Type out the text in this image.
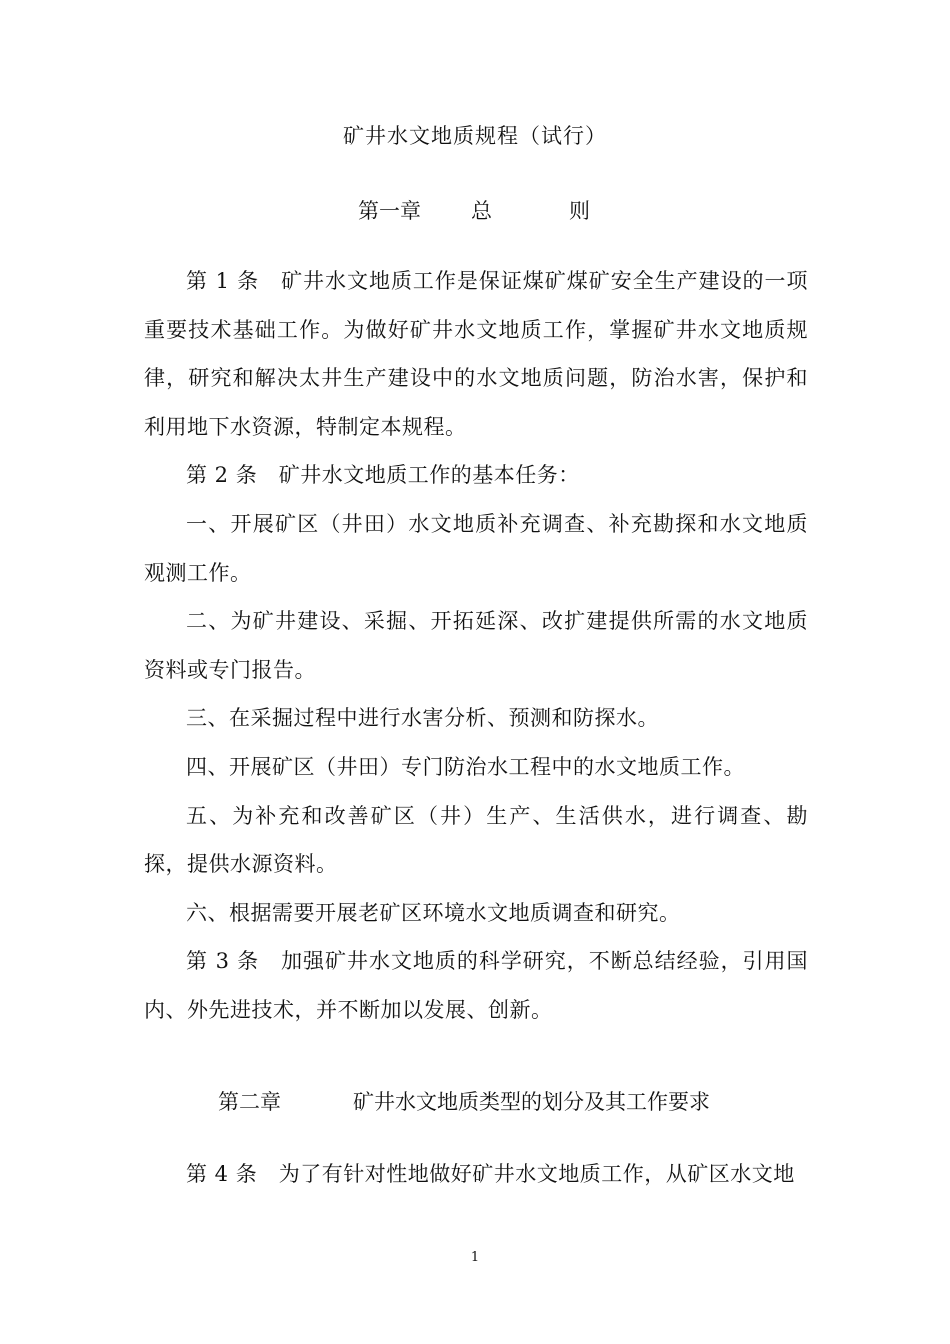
矿井水文地质规程（试行）
第一章 总	则

第 1 条　矿井水文地质工作是保证煤矿煤矿安全生产建设的一项重要技术基础工作。为做好矿井水文地质工作，掌握矿井水文地质规律，研究和解决太井生产建设中的水文地质问题，防治水害，保护和利用地下水资源，特制定本规程。

第 2 条　矿井水文地质工作的基本任务：

一、开展矿区（井田）水文地质补充调查、补充勘探和水文地质观测工作。

二、为矿井建设、采掘、开拓延深、改扩建提供所需的水文地质资料或专门报告。

三、在采掘过程中进行水害分析、预测和防探水。

四、开展矿区（井田）专门防治水工程中的水文地质工作。

五、为补充和改善矿区（井）生产、生活供水，进行调查、勘探，提供水源资料。

六、根据需要开展老矿区环境水文地质调查和研究。

第 3 条　加强矿井水文地质的科学研究，不断总结经验，引用国内、外先进技术，并不断加以发展、创新。

第二章	矿井水文地质类型的划分及其工作要求

第 4 条　为了有针对性地做好矿井水文地质工作，从矿区水文地

1
